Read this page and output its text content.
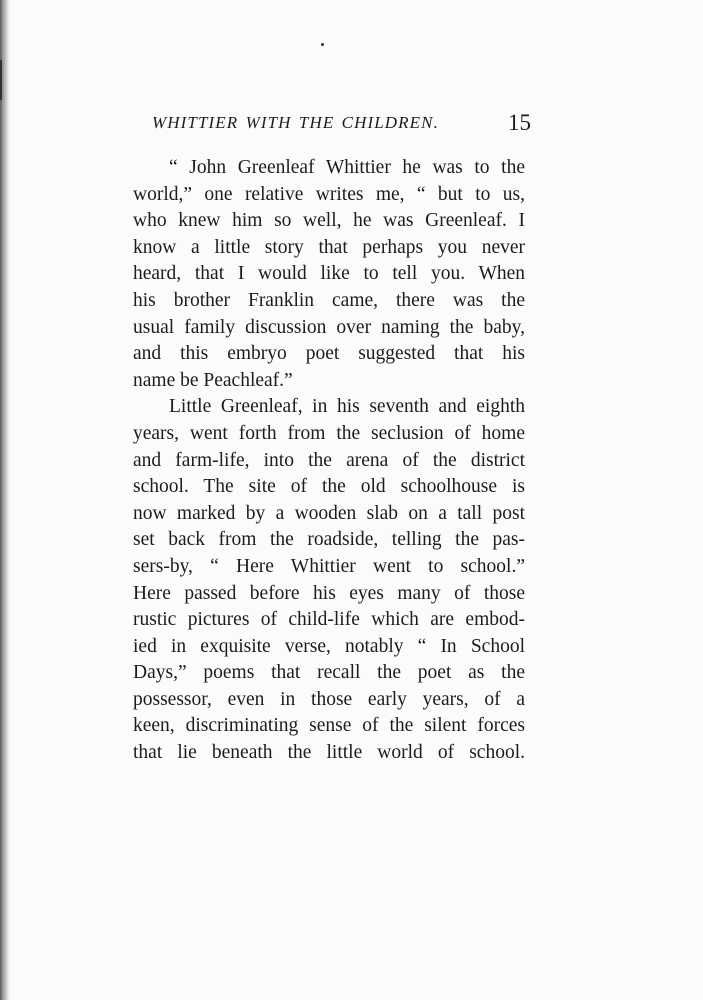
WHITTIER WITH THE CHILDREN.	15
“ John Greenleaf Whittier he was to the
world,” one relative writes me, “ but to us,
who knew him so well, he was Greenleaf. I
know a little story that perhaps you never
heard, that I would like to tell you. When
his brother Franklin came, there was the
usual family discussion over naming the baby,
and this embryo poet suggested that his
name be Peachleaf.”
Little Greenleaf, in his seventh and eighth
years, went forth from the seclusion of home
and farm-life, into the arena of the district
school. The site of the old schoolhouse is
now marked by a wooden slab on a tall post
set back from the roadside, telling the pas-
sers-by, “ Here Whittier went to school.”
Here passed before his eyes many of those
rustic pictures of child-life which are embod-
ied in exquisite verse, notably “ In School
Days,” poems that recall the poet as the
possessor, even in those early years, of a
keen, discriminating sense of the silent forces
that lie beneath the little world of school.
